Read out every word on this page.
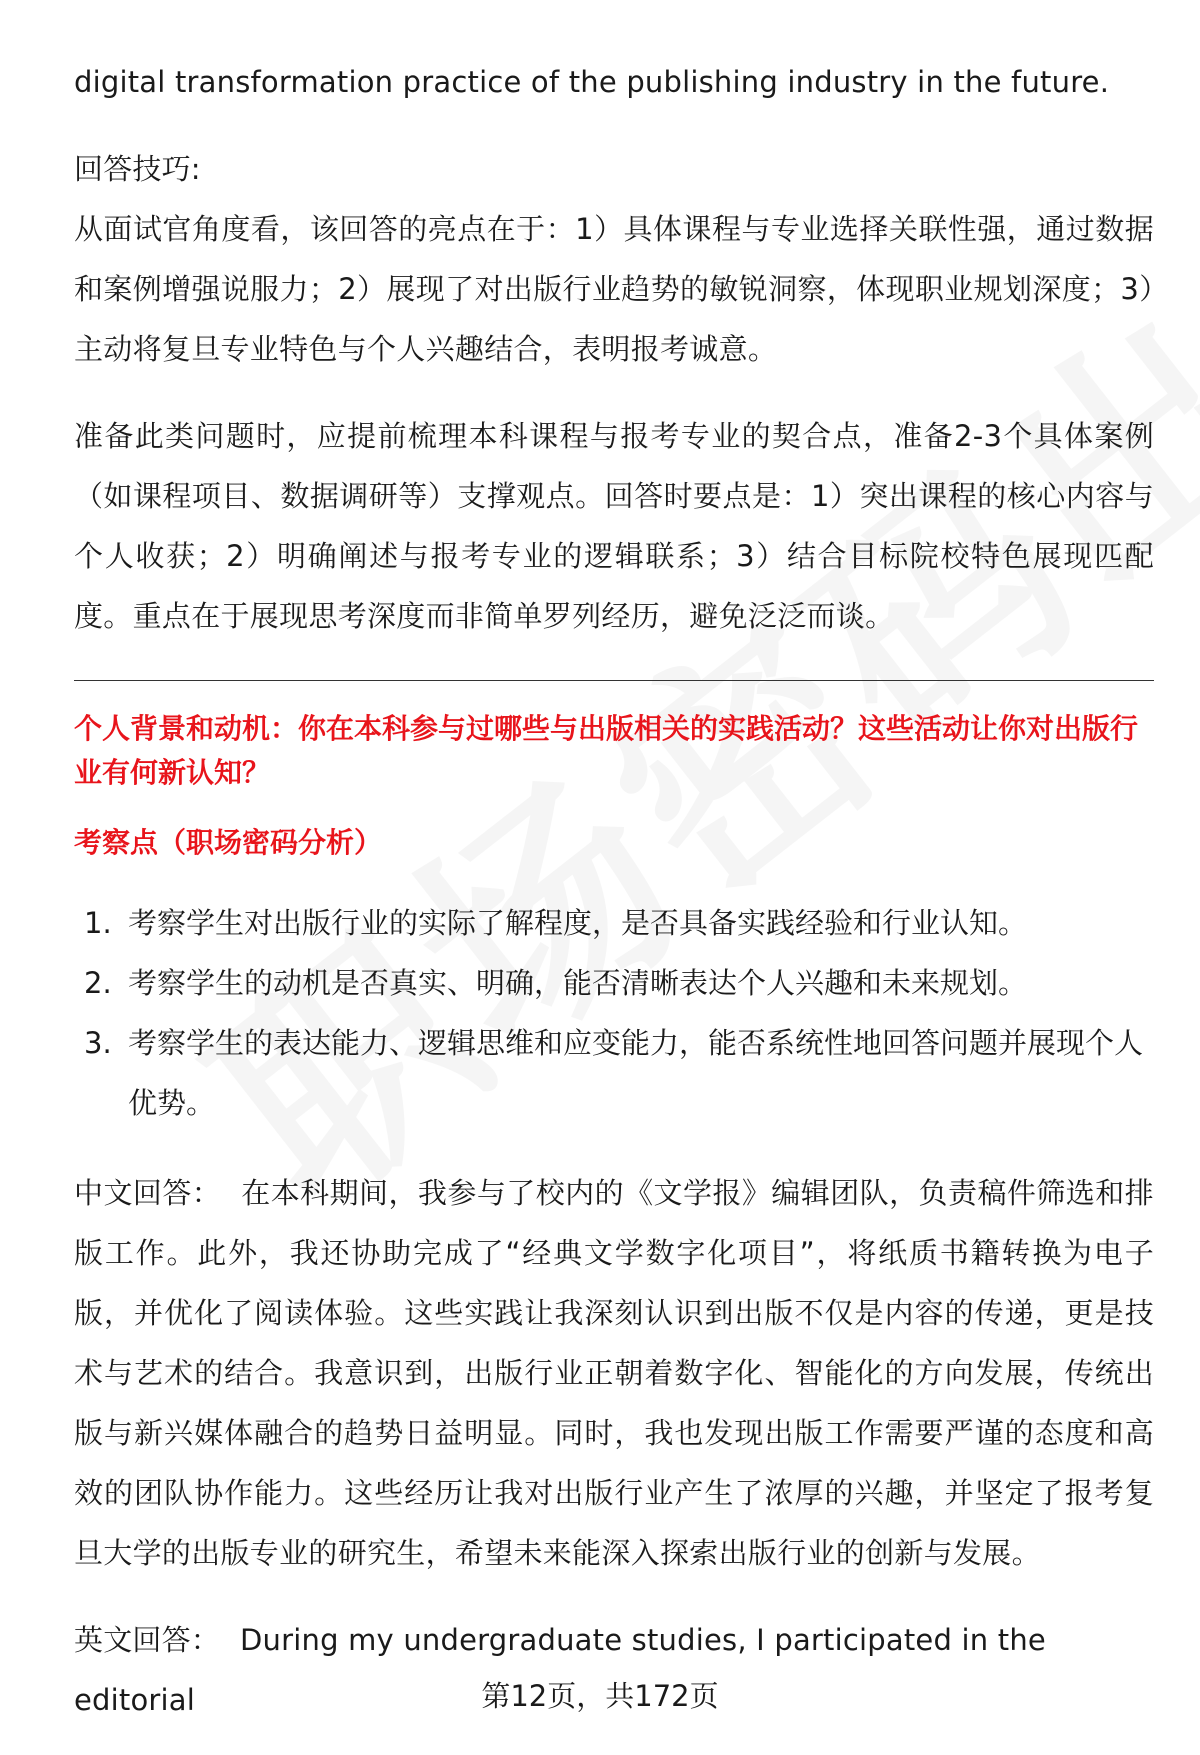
digital transformation practice of the publishing industry in the future.

回答技巧:

从面试官角度看，该回答的亮点在于：1）具体课程与专业选择关联性强，通过数据和案例增强说服力；2）展现了对出版行业趋势的敏锐洞察，体现职业规划深度；3）主动将复旦专业特色与个人兴趣结合，表明报考诚意。

准备此类问题时，应提前梳理本科课程与报考专业的契合点，准备2-3个具体案例（如课程项目、数据调研等）支撑观点。回答时要点是：1）突出课程的核心内容与个人收获；2）明确阐述与报考专业的逻辑联系；3）结合目标院校特色展现匹配度。重点在于展现思考深度而非简单罗列经历，避免泛泛而谈。

个人背景和动机：你在本科参与过哪些与出版相关的实践活动？这些活动让你对出版行业有何新认知？
考察点（职场密码分析）
1. 考察学生对出版行业的实际了解程度，是否具备实践经验和行业认知。
2. 考察学生的动机是否真实、明确，能否清晰表达个人兴趣和未来规划。
3. 考察学生的表达能力、逻辑思维和应变能力，能否系统性地回答问题并展现个人优势。

中文回答： 在本科期间，我参与了校内的《文学报》编辑团队，负责稿件筛选和排版工作。此外，我还协助完成了“经典文学数字化项目”，将纸质书籍转换为电子版，并优化了阅读体验。这些实践让我深刻认识到出版不仅是内容的传递，更是技术与艺术的结合。我意识到，出版行业正朝着数字化、智能化的方向发展，传统出版与新兴媒体融合的趋势日益明显。同时，我也发现出版工作需要严谨的态度和高效的团队协作能力。这些经历让我对出版行业产生了浓厚的兴趣，并坚定了报考复旦大学的出版专业的研究生，希望未来能深入探索出版行业的创新与发展。

英文回答： During my undergraduate studies, I participated in the editorial	第12页，共172页
